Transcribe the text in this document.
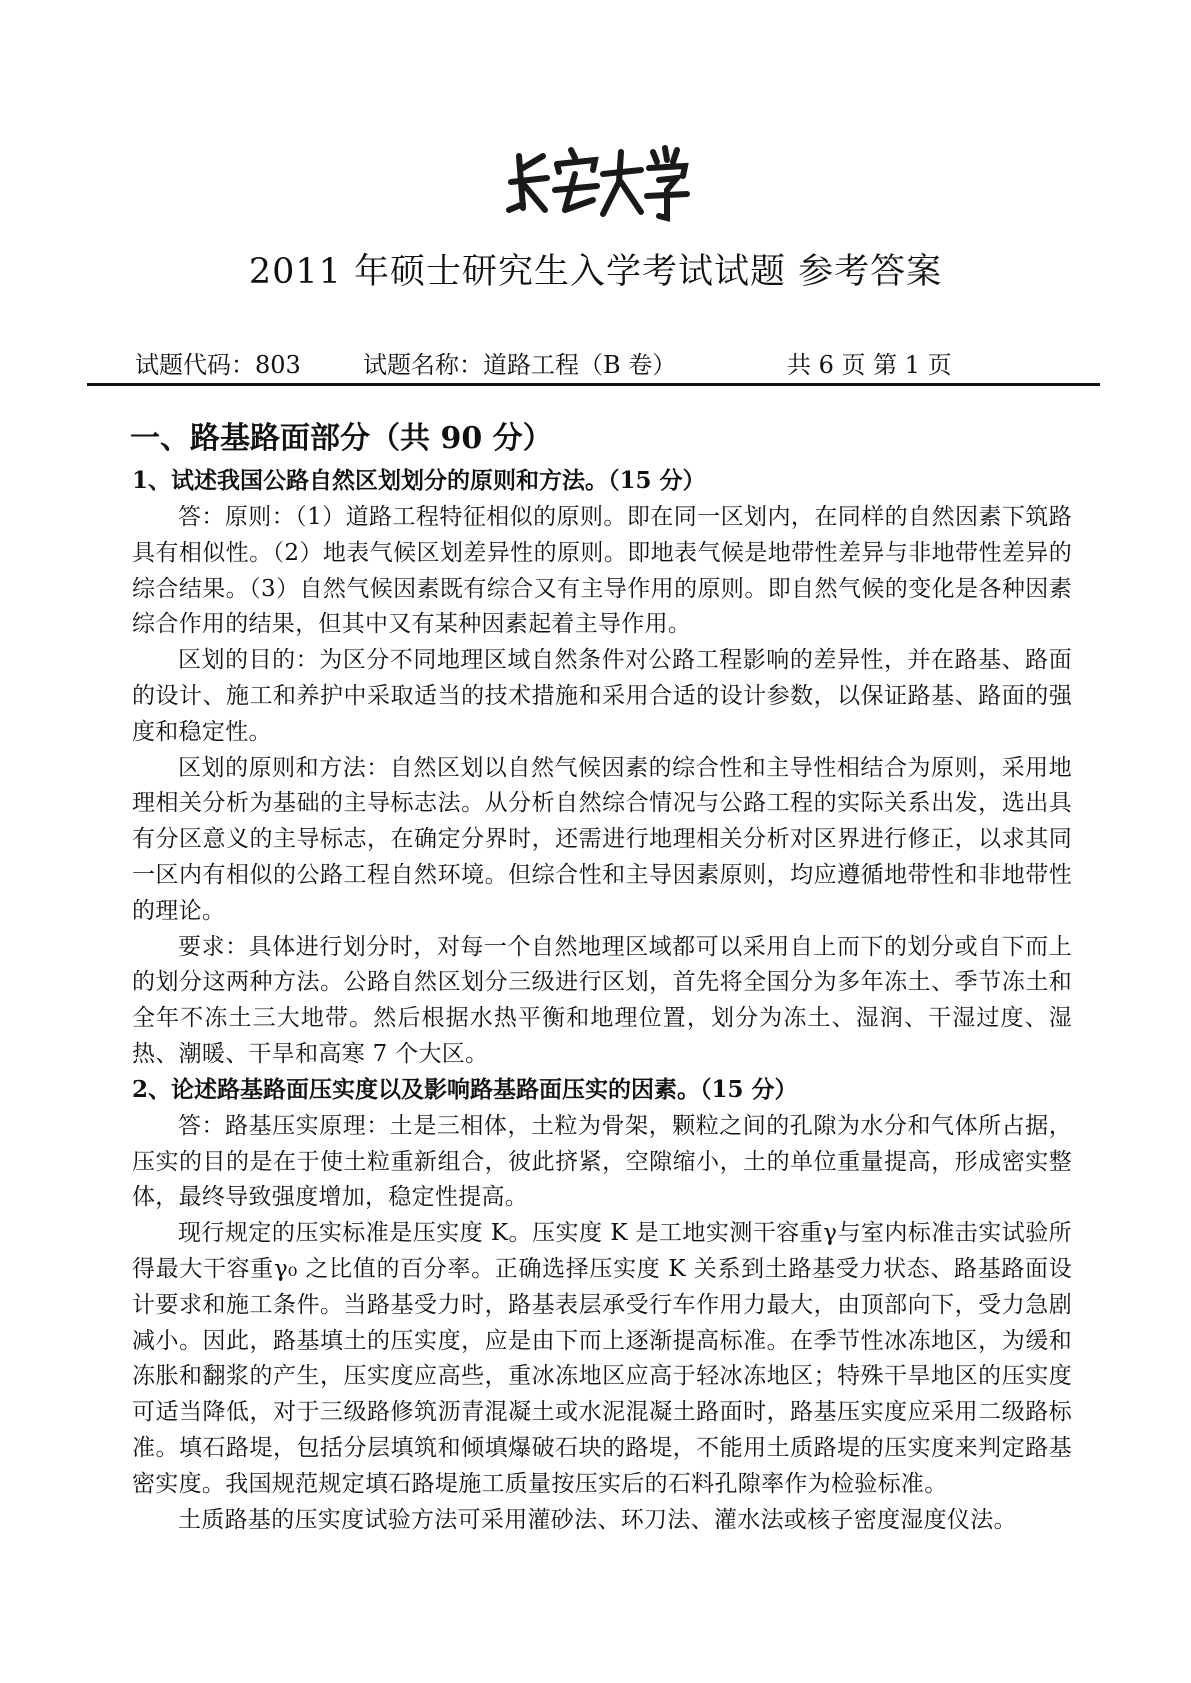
2011 年硕士研究生入学考试试题 参考答案
试题代码：803	试题名称：道路工程（B 卷）	共 6 页 第 1 页
一、路基路面部分（共 90 分）
1、试述我国公路自然区划划分的原则和方法。（15 分）

答：原则：（1）道路工程特征相似的原则。即在同一区划内，在同样的自然因素下筑路具有相似性。（2）地表气候区划差异性的原则。即地表气候是地带性差异与非地带性差异的综合结果。（3）自然气候因素既有综合又有主导作用的原则。即自然气候的变化是各种因素综合作用的结果，但其中又有某种因素起着主导作用。

区划的目的：为区分不同地理区域自然条件对公路工程影响的差异性，并在路基、路面的设计、施工和养护中采取适当的技术措施和采用合适的设计参数，以保证路基、路面的强度和稳定性。

区划的原则和方法：自然区划以自然气候因素的综合性和主导性相结合为原则，采用地理相关分析为基础的主导标志法。从分析自然综合情况与公路工程的实际关系出发，选出具有分区意义的主导标志，在确定分界时，还需进行地理相关分析对区界进行修正，以求其同一区内有相似的公路工程自然环境。但综合性和主导因素原则，均应遵循地带性和非地带性的理论。

要求：具体进行划分时，对每一个自然地理区域都可以采用自上而下的划分或自下而上的划分这两种方法。公路自然区划分三级进行区划，首先将全国分为多年冻土、季节冻土和全年不冻土三大地带。然后根据水热平衡和地理位置，划分为冻土、湿润、干湿过度、湿热、潮暖、干旱和高寒 7 个大区。

2、论述路基路面压实度以及影响路基路面压实的因素。（15 分）

答：路基压实原理：土是三相体，土粒为骨架，颗粒之间的孔隙为水分和气体所占据，压实的目的是在于使土粒重新组合，彼此挤紧，空隙缩小，土的单位重量提高，形成密实整体，最终导致强度增加，稳定性提高。

现行规定的压实标准是压实度 K。压实度 K 是工地实测干容重γ与室内标准击实试验所得最大干容重γ₀ 之比值的百分率。正确选择压实度 K 关系到土路基受力状态、路基路面设计要求和施工条件。当路基受力时，路基表层承受行车作用力最大，由顶部向下，受力急剧减小。因此，路基填土的压实度，应是由下而上逐渐提高标准。在季节性冰冻地区，为缓和冻胀和翻浆的产生，压实度应高些，重冰冻地区应高于轻冰冻地区；特殊干旱地区的压实度可适当降低，对于三级路修筑沥青混凝土或水泥混凝土路面时，路基压实度应采用二级路标准。填石路堤，包括分层填筑和倾填爆破石块的路堤，不能用土质路堤的压实度来判定路基密实度。我国规范规定填石路堤施工质量按压实后的石料孔隙率作为检验标准。

土质路基的压实度试验方法可采用灌砂法、环刀法、灌水法或核子密度湿度仪法。
